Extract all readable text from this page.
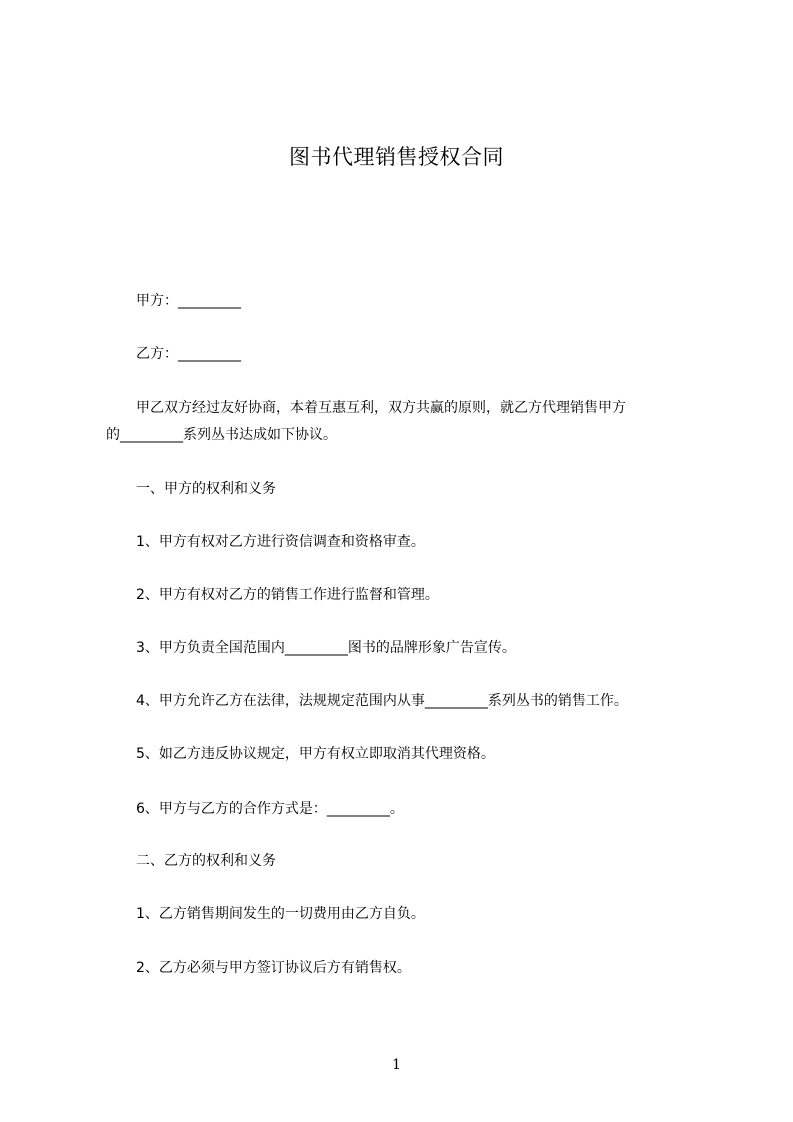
图书代理销售授权合同
甲方：_________
乙方：_________
甲乙双方经过友好协商，本着互惠互利，双方共赢的原则，就乙方代理销售甲方
的_________系列丛书达成如下协议。
一、甲方的权利和义务
1、甲方有权对乙方进行资信调查和资格审查。
2、甲方有权对乙方的销售工作进行监督和管理。
3、甲方负责全国范围内_________图书的品牌形象广告宣传。
4、甲方允许乙方在法律，法规规定范围内从事_________系列丛书的销售工作。
5、如乙方违反协议规定，甲方有权立即取消其代理资格。
6、甲方与乙方的合作方式是：_________。
二、乙方的权利和义务
1、乙方销售期间发生的一切费用由乙方自负。
2、乙方必须与甲方签订协议后方有销售权。
1
